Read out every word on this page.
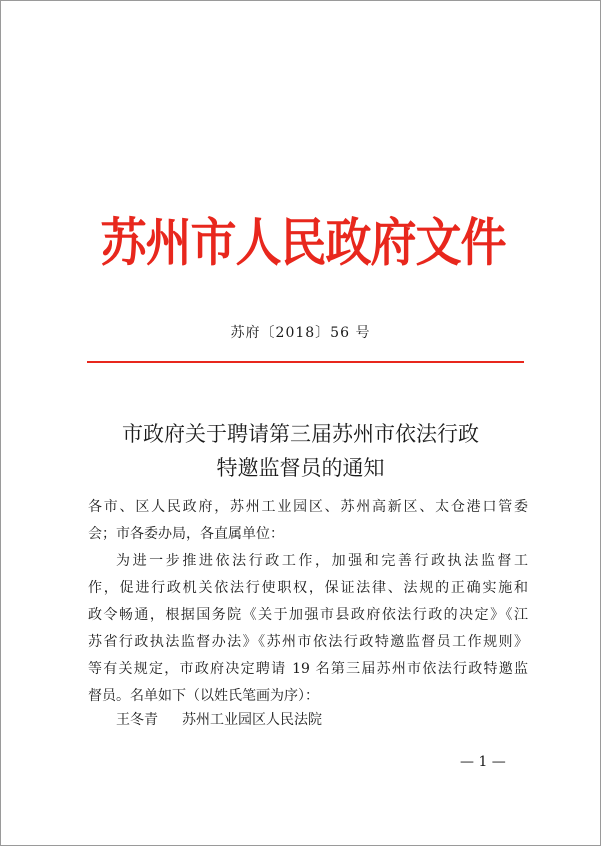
苏州市人民政府文件
苏府〔2018〕56 号
市政府关于聘请第三届苏州市依法行政
特邀监督员的通知

各市、区人民政府，苏州工业园区、苏州高新区、太仓港口管委

会；市各委办局，各直属单位：

为进一步推进依法行政工作，加强和完善行政执法监督工

作，促进行政机关依法行使职权，保证法律、法规的正确实施和

政令畅通，根据国务院《关于加强市县政府依法行政的决定》《江

苏省行政执法监督办法》《苏州市依法行政特邀监督员工作规则》

等有关规定，市政府决定聘请 19 名第三届苏州市依法行政特邀监

督员。名单如下（以姓氏笔画为序）：

王冬青 苏州工业园区人民法院
— 1 —
